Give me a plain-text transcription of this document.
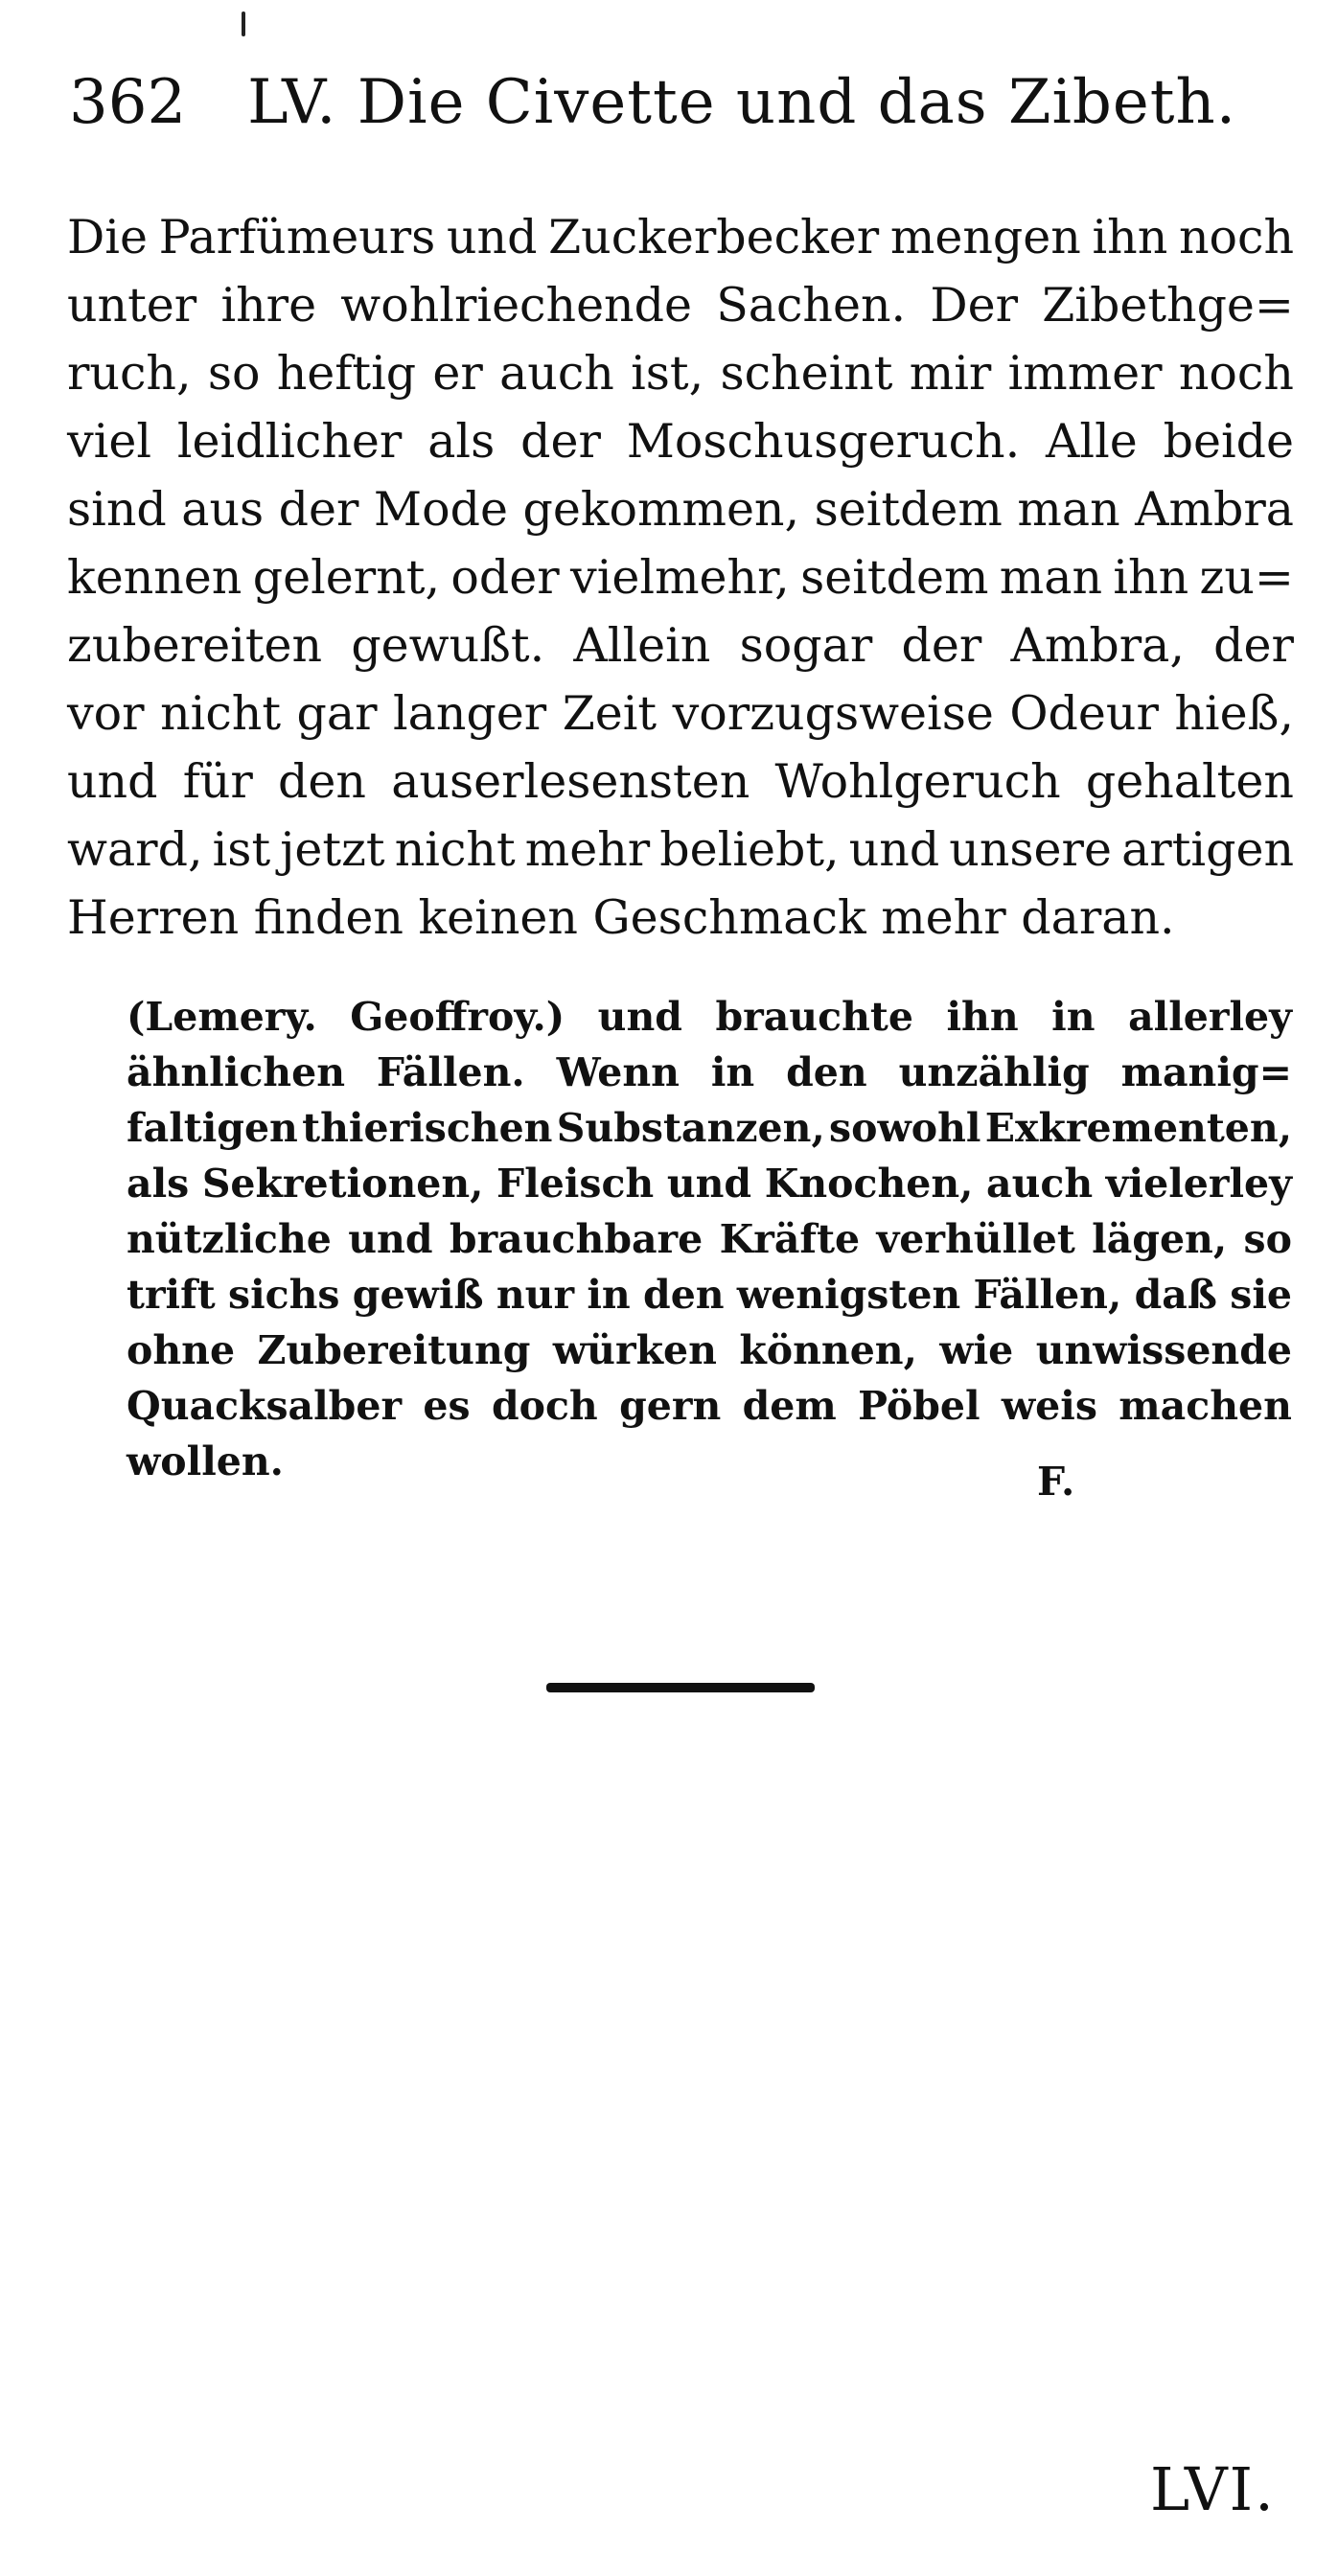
362 LV. Die Civette und das Zibeth.
Die Parfümeurs und Zuckerbecker mengen ihn noch
unter ihre wohlriechende Sachen. Der Zibethge=
ruch, so heftig er auch ist, scheint mir immer noch
viel leidlicher als der Moschusgeruch. Alle beide
sind aus der Mode gekommen, seitdem man Ambra
kennen gelernt, oder vielmehr, seitdem man ihn zu=
zubereiten gewußt. Allein sogar der Ambra, der
vor nicht gar langer Zeit vorzugsweise Odeur hieß,
und für den auserlesensten Wohlgeruch gehalten
ward, ist jetzt nicht mehr beliebt, und unsere artigen
Herren finden keinen Geschmack mehr daran.
(Lemery. Geoffroy.) und brauchte ihn in allerley
ähnlichen Fällen. Wenn in den unzählig manig=
faltigen thierischen Substanzen, sowohl Exkrementen,
als Sekretionen, Fleisch und Knochen, auch vielerley
nützliche und brauchbare Kräfte verhüllet lägen, so
trift sichs gewiß nur in den wenigsten Fällen, daß sie
ohne Zubereitung würken können, wie unwissende
Quacksalber es doch gern dem Pöbel weis machen
wollen.	F.
LVI.
